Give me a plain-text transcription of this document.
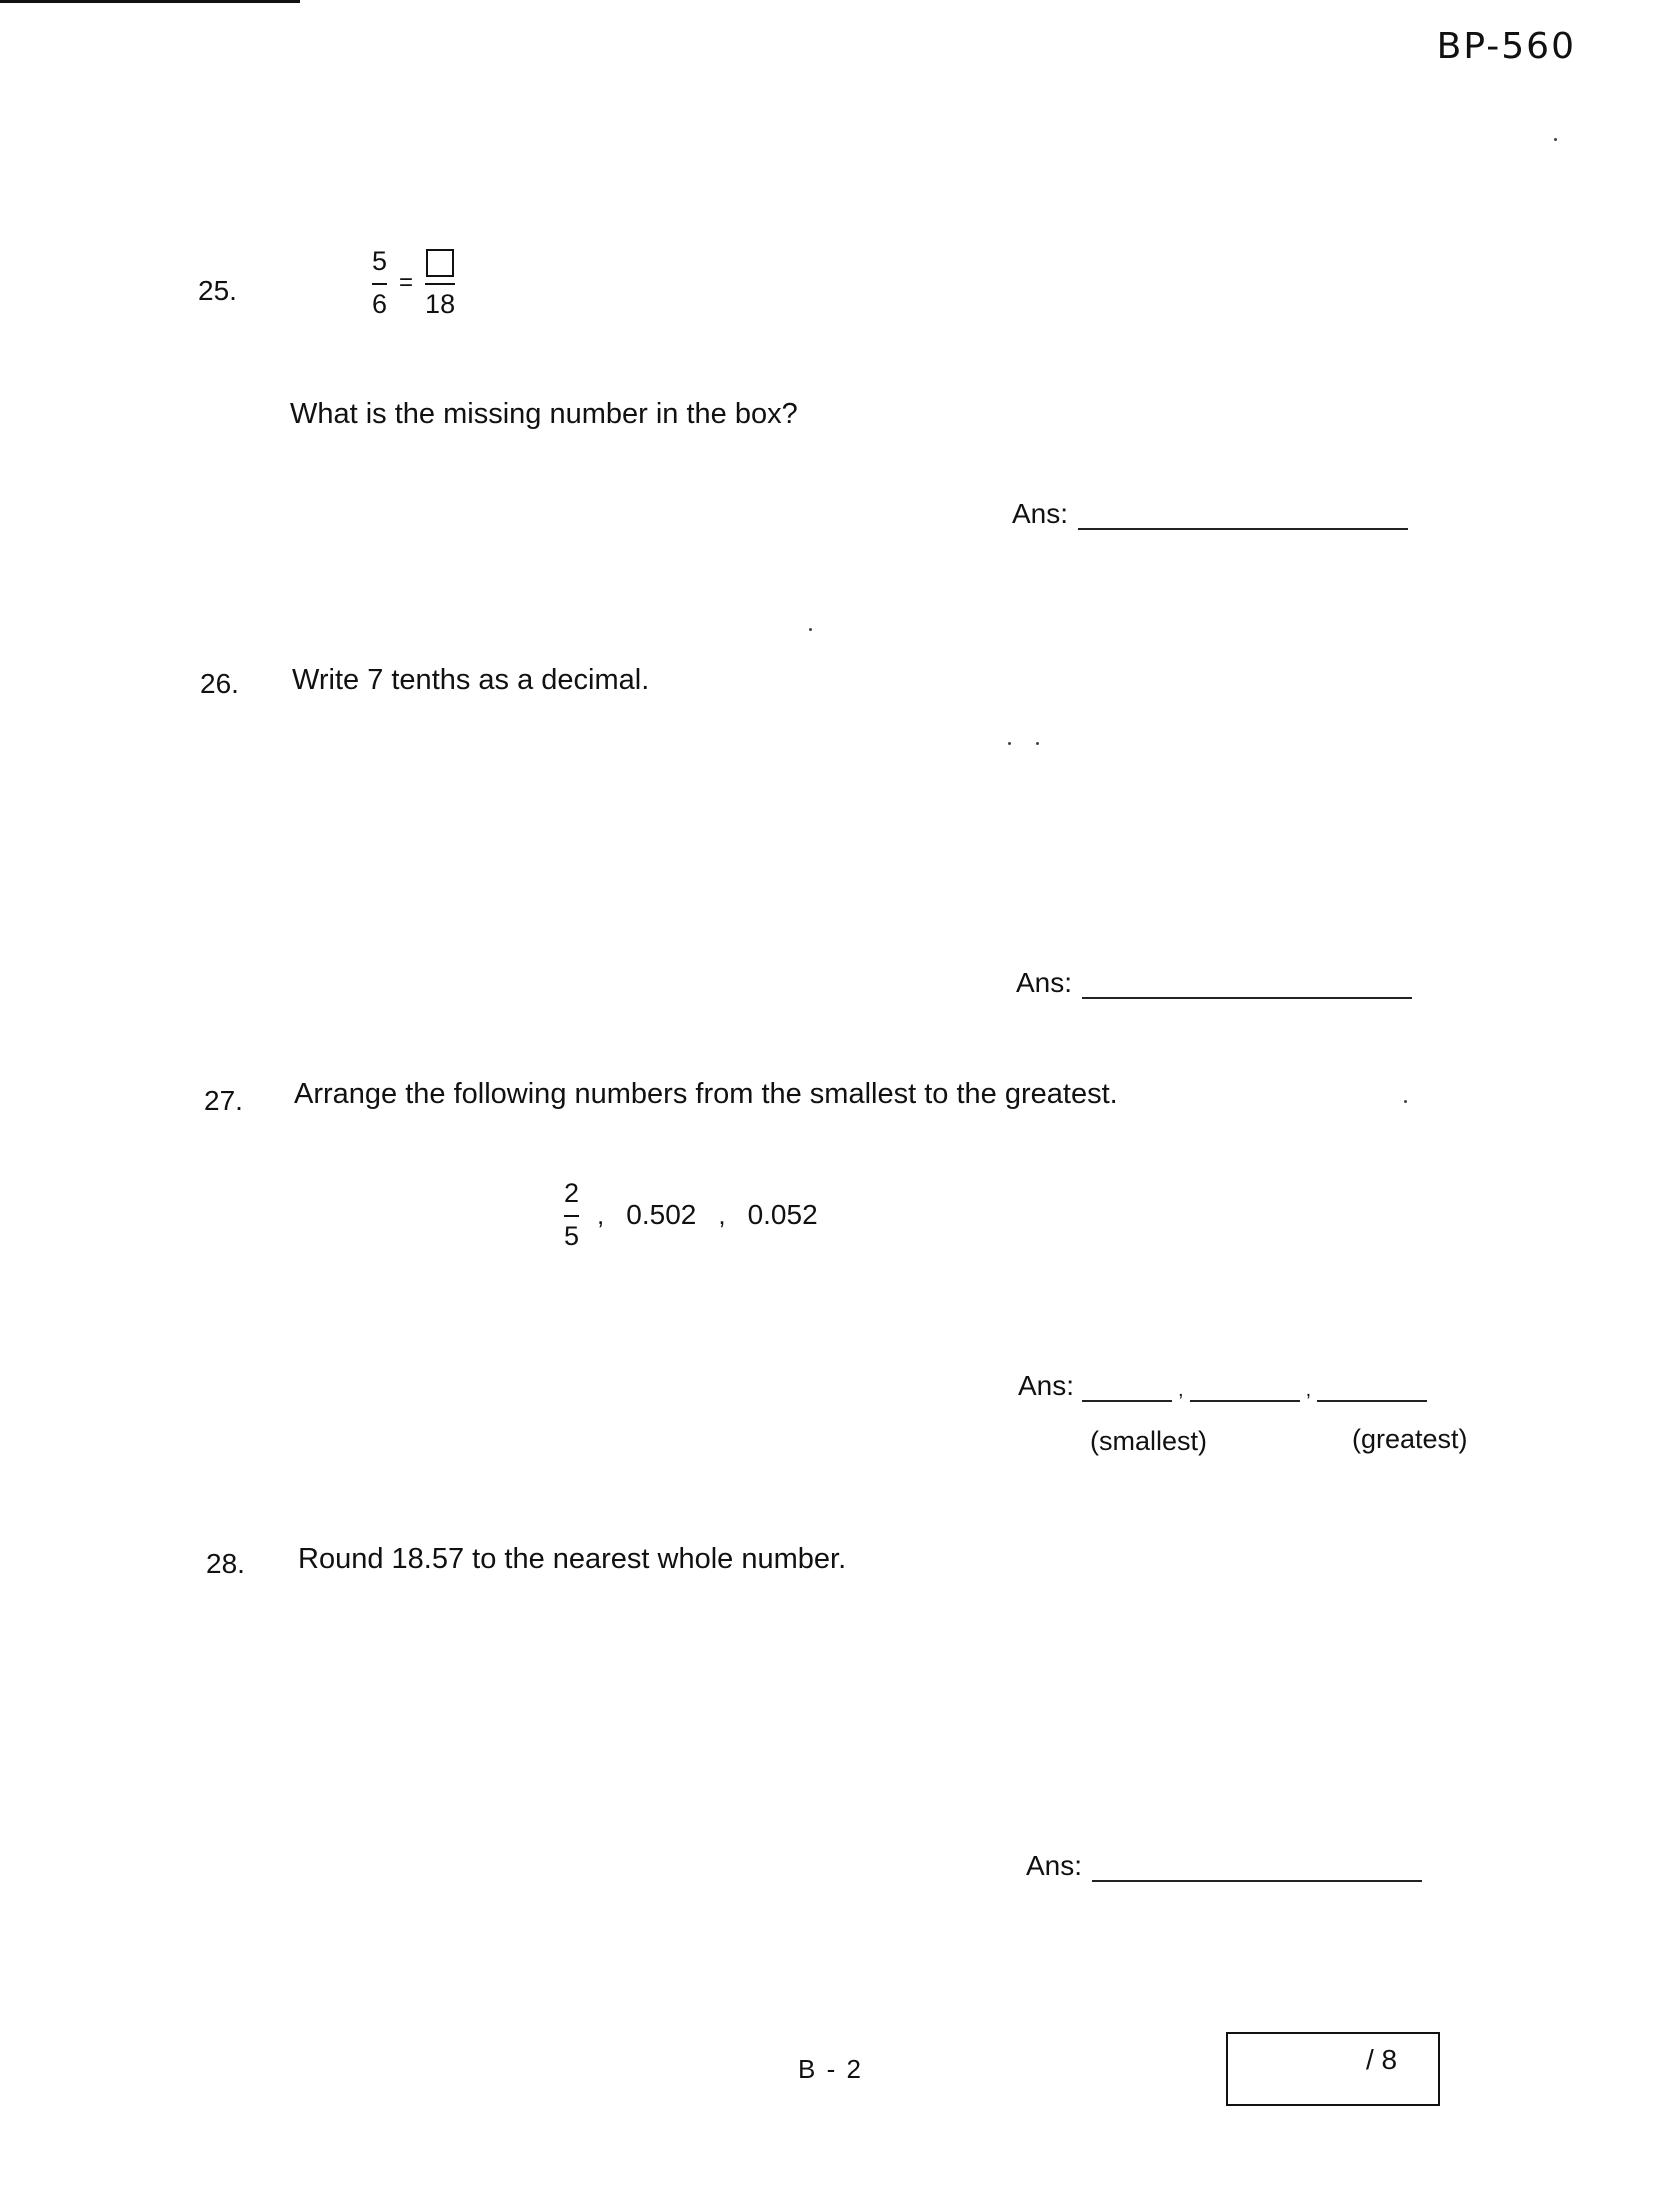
BP-560
25.	$\frac{5}{6}$ =
18
What is the missing number in the box?
Ans:
26. Write 7 tenths as a decimal.
Ans:
27. Arrange the following numbers from the smallest to the greatest.
$\frac{2}{5}$ , 0.502 , 0.052
Ans:	,	,
(smallest)	(greatest)
28. Round 18.57 to the nearest whole number.
Ans:
B - 2	/ 8
